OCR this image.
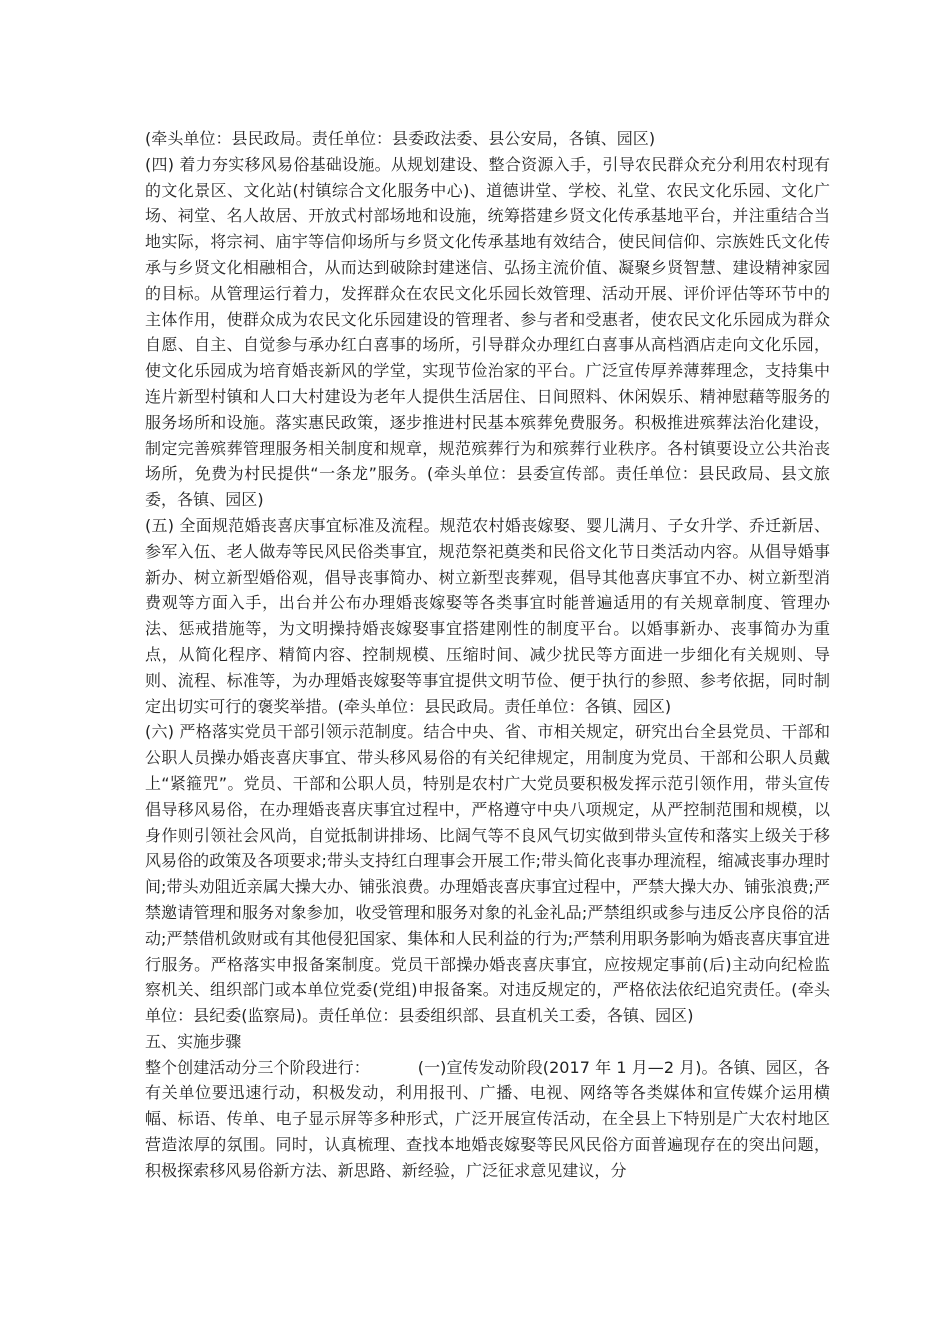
(牵头单位：县民政局。责任单位：县委政法委、县公安局，各镇、园区)

(四) 着力夯实移风易俗基础设施。从规划建设、整合资源入手，引导农民群众充分利用农村现有的文化景区、文化站(村镇综合文化服务中心)、道德讲堂、学校、礼堂、农民文化乐园、文化广场、祠堂、名人故居、开放式村部场地和设施，统筹搭建乡贤文化传承基地平台，并注重结合当地实际，将宗祠、庙宇等信仰场所与乡贤文化传承基地有效结合，使民间信仰、宗族姓氏文化传承与乡贤文化相融相合，从而达到破除封建迷信、弘扬主流价值、凝聚乡贤智慧、建设精神家园的目标。从管理运行着力，发挥群众在农民文化乐园长效管理、活动开展、评价评估等环节中的主体作用，使群众成为农民文化乐园建设的管理者、参与者和受惠者，使农民文化乐园成为群众自愿、自主、自觉参与承办红白喜事的场所，引导群众办理红白喜事从高档酒店走向文化乐园，使文化乐园成为培育婚丧新风的学堂，实现节俭治家的平台。广泛宣传厚养薄葬理念，支持集中连片新型村镇和人口大村建设为老年人提供生活居住、日间照料、休闲娱乐、精神慰藉等服务的服务场所和设施。落实惠民政策，逐步推进村民基本殡葬免费服务。积极推进殡葬法治化建设，制定完善殡葬管理服务相关制度和规章，规范殡葬行为和殡葬行业秩序。各村镇要设立公共治丧场所，免费为村民提供“一条龙”服务。(牵头单位：县委宣传部。责任单位：县民政局、县文旅委，各镇、园区)

(五) 全面规范婚丧喜庆事宜标准及流程。规范农村婚丧嫁娶、婴儿满月、子女升学、乔迁新居、参军入伍、老人做寿等民风民俗类事宜，规范祭祀奠类和民俗文化节日类活动内容。从倡导婚事新办、树立新型婚俗观，倡导丧事简办、树立新型丧葬观，倡导其他喜庆事宜不办、树立新型消费观等方面入手，出台并公布办理婚丧嫁娶等各类事宜时能普遍适用的有关规章制度、管理办法、惩戒措施等，为文明操持婚丧嫁娶事宜搭建刚性的制度平台。以婚事新办、丧事简办为重点，从简化程序、精简内容、控制规模、压缩时间、减少扰民等方面进一步细化有关规则、导则、流程、标准等，为办理婚丧嫁娶等事宜提供文明节俭、便于执行的参照、参考依据，同时制定出切实可行的褒奖举措。(牵头单位：县民政局。责任单位：各镇、园区)

(六) 严格落实党员干部引领示范制度。结合中央、省、市相关规定，研究出台全县党员、干部和公职人员操办婚丧喜庆事宜、带头移风易俗的有关纪律规定，用制度为党员、干部和公职人员戴上“紧箍咒”。党员、干部和公职人员，特别是农村广大党员要积极发挥示范引领作用，带头宣传倡导移风易俗，在办理婚丧喜庆事宜过程中，严格遵守中央八项规定，从严控制范围和规模，以身作则引领社会风尚，自觉抵制讲排场、比阔气等不良风气切实做到带头宣传和落实上级关于移风易俗的政策及各项要求;带头支持红白理事会开展工作;带头简化丧事办理流程，缩减丧事办理时间;带头劝阻近亲属大操大办、铺张浪费。办理婚丧喜庆事宜过程中，严禁大操大办、铺张浪费;严禁邀请管理和服务对象参加，收受管理和服务对象的礼金礼品;严禁组织或参与违反公序良俗的活动;严禁借机敛财或有其他侵犯国家、集体和人民利益的行为;严禁利用职务影响为婚丧喜庆事宜进行服务。严格落实申报备案制度。党员干部操办婚丧喜庆事宜，应按规定事前(后)主动向纪检监察机关、组织部门或本单位党委(党组)申报备案。对违反规定的，严格依法依纪追究责任。(牵头单位：县纪委(监察局)。责任单位：县委组织部、县直机关工委，各镇、园区)

五、实施步骤

整个创建活动分三个阶段进行：	(一)宣传发动阶段(2017 年 1 月—2 月)。各镇、园区，各有关单位要迅速行动，积极发动，利用报刊、广播、电视、网络等各类媒体和宣传媒介运用横幅、标语、传单、电子显示屏等多种形式，广泛开展宣传活动，在全县上下特别是广大农村地区营造浓厚的氛围。同时，认真梳理、查找本地婚丧嫁娶等民风民俗方面普遍现存在的突出问题，积极探索移风易俗新方法、新思路、新经验，广泛征求意见建议，分
